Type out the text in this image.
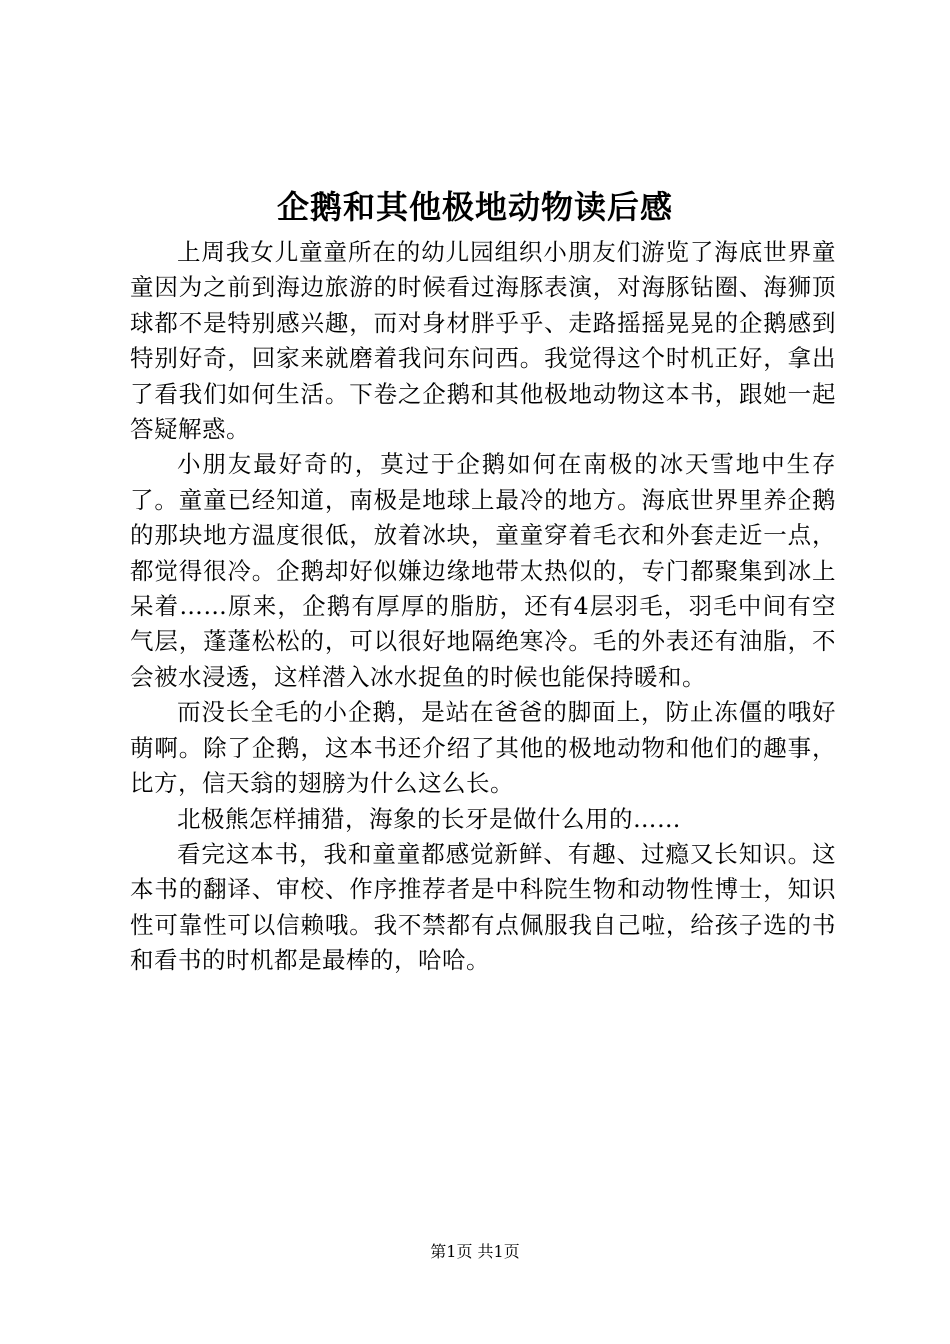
企鹅和其他极地动物读后感

上周我女儿童童所在的幼儿园组织小朋友们游览了海底世界童童因为之前到海边旅游的时候看过海豚表演，对海豚钻圈、海狮顶球都不是特别感兴趣，而对身材胖乎乎、走路摇摇晃晃的企鹅感到特别好奇，回家来就磨着我问东问西。我觉得这个时机正好，拿出了看我们如何生活。下卷之企鹅和其他极地动物这本书，跟她一起答疑解惑。

小朋友最好奇的，莫过于企鹅如何在南极的冰天雪地中生存了。童童已经知道，南极是地球上最冷的地方。海底世界里养企鹅的那块地方温度很低，放着冰块，童童穿着毛衣和外套走近一点，都觉得很冷。企鹅却好似嫌边缘地带太热似的，专门都聚集到冰上呆着……原来，企鹅有厚厚的脂肪，还有4层羽毛，羽毛中间有空气层，蓬蓬松松的，可以很好地隔绝寒冷。毛的外表还有油脂，不会被水浸透，这样潜入冰水捉鱼的时候也能保持暖和。

而没长全毛的小企鹅，是站在爸爸的脚面上，防止冻僵的哦好萌啊。除了企鹅，这本书还介绍了其他的极地动物和他们的趣事，比方，信天翁的翅膀为什么这么长。

北极熊怎样捕猎，海象的长牙是做什么用的……

看完这本书，我和童童都感觉新鲜、有趣、过瘾又长知识。这本书的翻译、审校、作序推荐者是中科院生物和动物性博士，知识性可靠性可以信赖哦。我不禁都有点佩服我自己啦，给孩子选的书和看书的时机都是最棒的，哈哈。

第1页 共1页
